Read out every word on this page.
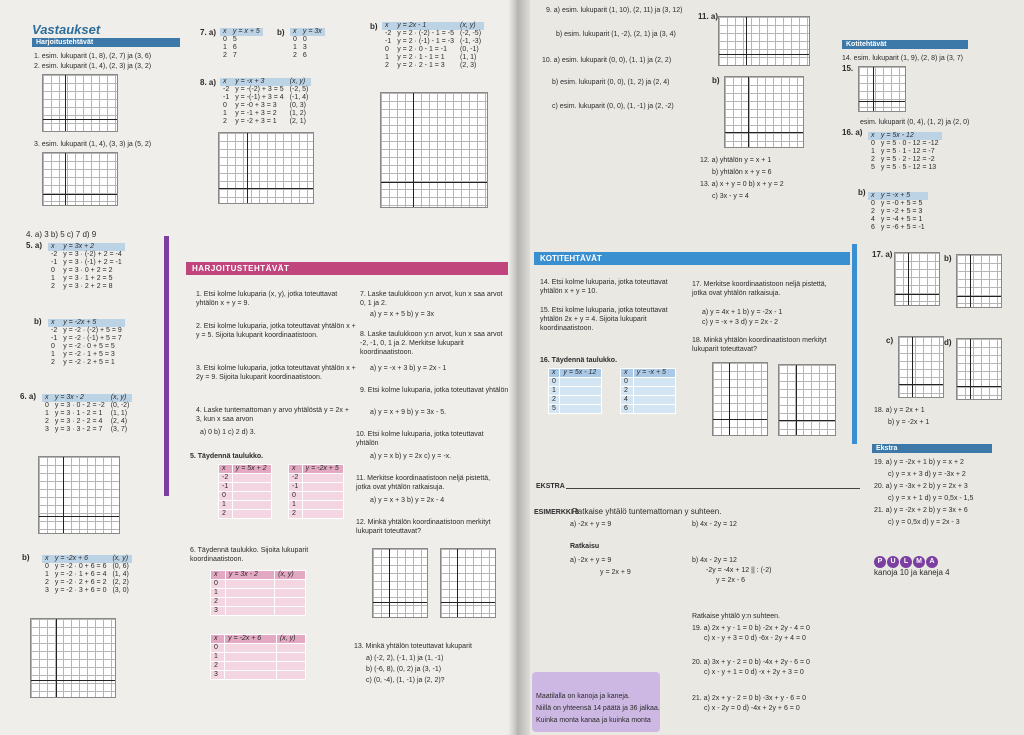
Vastaukset
Harjoitustehtävät
1. esim. lukuparit (1, 8), (2, 7) ja (3, 6)
2. esim. lukuparit (1, 4), (2, 3) ja (3, 2)
3. esim. lukuparit (1, 4), (3, 3) ja (5, 2)
4. a) 3 b) 5 c) 7 d) 9
5. a) x	y = 3x + 2
-2	y = 3 · (-2) + 2 = -4
-1	y = 3 · (-1) + 2 = -1
0	y = 3 · 0 + 2 = 2
1	y = 3 · 1 + 2 = 5
2	y = 3 · 2 + 2 = 8
b) x	y = -2x + 5
-2	y = -2 · (-2) + 5 = 9
-1	y = -2 · (-1) + 5 = 7
0	y = -2 · 0 + 5 = 5
1	y = -2 · 1 + 5 = 3
2	y = -2 · 2 + 5 = 1
6. a) x	y = 3x - 2	(x, y)
0	y = 3 · 0 - 2 = -2	(0, -2)
1	y = 3 · 1 - 2 = 1	(1, 1)
2	y = 3 · 2 - 2 = 4	(2, 4)
3	y = 3 · 3 - 2 = 7	(3, 7)
b) x	y = -2x + 6	(x, y)
0	y = -2 · 0 + 6 = 6	(0, 6)
1	y = -2 · 1 + 6 = 4	(1, 4)
2	y = -2 · 2 + 6 = 2	(2, 2)
3	y = -2 · 3 + 6 = 0	(3, 0)
7. a) x	y = x + 5
0	5
1	6
2	7
b) x	y = 3x
0	0
1	3
2	6
8. a) x	y = -x + 3	(x, y)
-2	y = -(-2) + 3 = 5	(-2, 5)
-1	y = -(-1) + 3 = 4	(-1, 4)
0	y = -0 + 3 = 3	(0, 3)
1	y = -1 + 3 = 2	(1, 2)
2	y = -2 + 3 = 1	(2, 1)
b) x	y = 2x - 1	(x, y)
-2	y = 2 · (-2) - 1 = -5	(-2, -5)
-1	y = 2 · (-1) - 1 = -3	(-1, -3)
0	y = 2 · 0 - 1 = -1	(0, -1)
1	y = 2 · 1 - 1 = 1	(1, 1)
2	y = 2 · 2 - 1 = 3	(2, 3)
HARJOITUSTEHTÄVÄT
1. Etsi kolme lukuparia (x, y), jotka toteuttavat yhtälön x + y = 9.
2. Etsi kolme lukuparia, jotka toteuttavat yhtälön x + y = 5. Sijoita lukuparit koordinaatistoon.
3. Etsi kolme lukuparia, jotka toteuttavat yhtälön x + 2y = 9. Sijoita lukuparit koordinaatistoon.
4. Laske tuntemattoman y arvo yhtälöstä y = 2x + 3, kun x saa arvon
a) 0 b) 1 c) 2 d) 3.
5. Täydennä taulukko.
x	y = 5x + 2
-2	
-1	
0	
1	
2	
x	y = -2x + 5
-2	
-1	
0	
1	
2	
6. Täydennä taulukko. Sijoita lukuparit koordinaatistoon.
x	y = 3x - 2	(x, y)
0		
1		
2		
3		
x	y = -2x + 6	(x, y)
0		
1		
2		
3		
7. Laske taulukkoon y:n arvot, kun x saa arvot 0, 1 ja 2.
a) y = x + 5 b) y = 3x
8. Laske taulukkoon y:n arvot, kun x saa arvot -2, -1, 0, 1 ja 2. Merkitse lukuparit koordinaatistoon.
a) y = -x + 3 b) y = 2x - 1
9. Etsi kolme lukuparia, jotka toteuttavat yhtälön
a) y = x + 9 b) y = 3x - 5.
10. Etsi kolme lukuparia, jotka toteuttavat yhtälön
a) y = x b) y = 2x c) y = -x.
11. Merkitse koordinaatistoon neljä pistettä, jotka ovat yhtälön ratkaisuja.
a) y = x + 3 b) y = 2x - 4
12. Minkä yhtälön koordinaatistoon merkityt lukuparit toteuttavat?
13. Minkä yhtälön toteuttavat lukuparit
a) (-2, 2), (-1, 1) ja (1, -1)
b) (-6, 8), (0, 2) ja (3, -1)
c) (0, -4), (1, -1) ja (2, 2)?
9. a) esim. lukuparit (1, 10), (2, 11) ja (3, 12)
b) esim. lukuparit (1, -2), (2, 1) ja (3, 4)
10. a) esim. lukuparit (0, 0), (1, 1) ja (2, 2)
b) esim. lukuparit (0, 0), (1, 2) ja (2, 4)
c) esim. lukuparit (0, 0), (1, -1) ja (2, -2)
11. a)
b)
12. a) yhtälön y = x + 1
b) yhtälön x + y = 6
13. a) x + y = 0 b) x + y = 2
c) 3x - y = 4
Kotitehtävät
14. esim. lukuparit (1, 9), (2, 8) ja (3, 7)
15.
esim. lukuparit (0, 4), (1, 2) ja (2, 0)
16. a) x	y = 5x - 12
0	y = 5 · 0 - 12 = -12
1	y = 5 · 1 - 12 = -7
2	y = 5 · 2 - 12 = -2
5	y = 5 · 5 - 12 = 13
b) x	y = -x + 5
0	y = -0 + 5 = 5
2	y = -2 + 5 = 3
4	y = -4 + 5 = 1
6	y = -6 + 5 = -1
17. a)	b)
c)	d)
18. a) y = 2x + 1
b) y = -2x + 1
Ekstra
19. a) y = -2x + 1 b) y = x + 2
c) y = x + 3 d) y = -3x + 2
20. a) y = -3x + 2 b) y = 2x + 3
c) y = x + 1 d) y = 0,5x - 1,5
21. a) y = -2x + 2 b) y = 3x + 6
c) y = 0,5x d) y = 2x - 3
P U L M A
kanoja 10 ja kaneja 4
KOTITEHTÄVÄT
14. Etsi kolme lukuparia, jotka toteuttavat yhtälön x + y = 10.
15. Etsi kolme lukuparia, jotka toteuttavat yhtälön 2x + y = 4. Sijoita lukuparit koordinaatistoon.
16. Täydennä taulukko.
x	y = 5x - 12
0	
1	
2	
5	
x	y = -x + 5
0	
2	
4	
6	
17. Merkitse koordinaatistoon neljä pistettä, jotka ovat yhtälön ratkaisuja.
a) y = 4x + 1 b) y = -2x - 1
c) y = -x + 3 d) y = 2x - 2
18. Minkä yhtälön koordinaatistoon merkityt lukuparit toteuttavat?
EKSTRA
ESIMERKKI 3
Ratkaise yhtälö tuntemattoman y suhteen.
a) -2x + y = 9	b) 4x - 2y = 12
Ratkaisu
a) -2x + y = 9
y = 2x + 9
b) 4x - 2y = 12
-2y = -4x + 12 || : (-2)
y = 2x - 6
Ratkaise yhtälö y:n suhteen.
19. a) 2x + y - 1 = 0 b) -2x + 2y - 4 = 0
c) x - y + 3 = 0 d) -6x - 2y + 4 = 0
20. a) 3x + y - 2 = 0 b) -4x + 2y - 6 = 0
c) x - y + 1 = 0 d) -x + 2y + 3 = 0
21. a) 2x + y - 2 = 0 b) -3x + y - 6 = 0
c) x - 2y = 0 d) -4x + 2y + 6 = 0
Maatilalla on kanoja ja kaneja.
Niillä on yhteensä 14 päätä ja 36 jalkaa.
Kuinka monta kanaa ja kuinka monta
